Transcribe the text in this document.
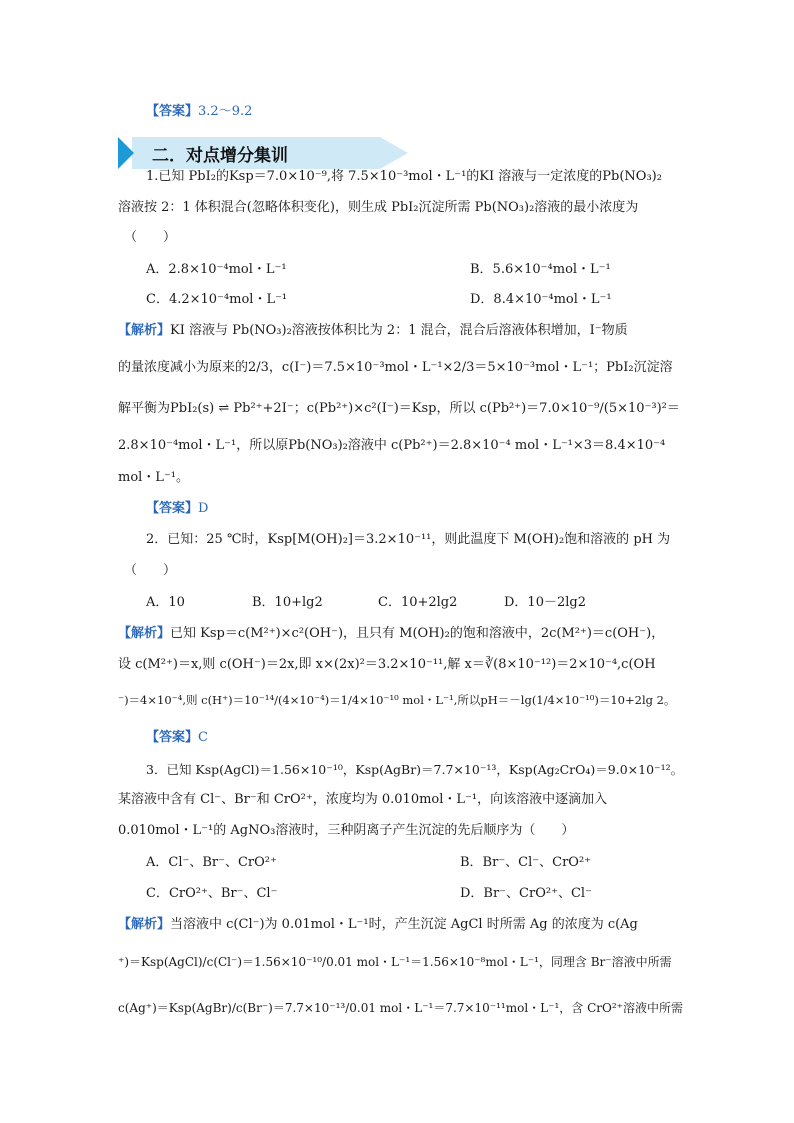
【答案】3.2～9.2
二．对点增分集训
1.已知 PbI₂的Ksp＝7.0×10⁻⁹,将 7.5×10⁻³mol・L⁻¹的KI 溶液与一定浓度的Pb(NO₃)₂
溶液按 2：1 体积混合(忽略体积变化)，则生成 PbI₂沉淀所需 Pb(NO₃)₂溶液的最小浓度为
（　　）
A．2.8×10⁻⁴mol・L⁻¹	B．5.6×10⁻⁴mol・L⁻¹
C．4.2×10⁻⁴mol・L⁻¹	D．8.4×10⁻⁴mol・L⁻¹
【解析】KI 溶液与 Pb(NO₃)₂溶液按体积比为 2：1 混合，混合后溶液体积增加，I⁻物质
的量浓度减小为原来的2/3，c(I⁻)＝7.5×10⁻³mol・L⁻¹×2/3＝5×10⁻³mol・L⁻¹；PbI₂沉淀溶
解平衡为PbI₂(s) ⇌ Pb²⁺+2I⁻；c(Pb²⁺)×c²(I⁻)＝Ksp，所以 c(Pb²⁺)＝7.0×10⁻⁹/(5×10⁻³)²＝
2.8×10⁻⁴mol・L⁻¹，所以原Pb(NO₃)₂溶液中 c(Pb²⁺)＝2.8×10⁻⁴ mol・L⁻¹×3＝8.4×10⁻⁴
mol・L⁻¹。
【答案】D
2．已知：25 ℃时，Ksp[M(OH)₂]＝3.2×10⁻¹¹，则此温度下 M(OH)₂饱和溶液的 pH 为
（　　）
A．10	B．10+lg2	C．10+2lg2	D．10－2lg2
【解析】已知 Ksp＝c(M²⁺)×c²(OH⁻)，且只有 M(OH)₂的饱和溶液中，2c(M²⁺)＝c(OH⁻)，
设 c(M²⁺)＝x,则 c(OH⁻)＝2x,即 x×(2x)²＝3.2×10⁻¹¹,解 x＝∛(8×10⁻¹²)＝2×10⁻⁴,c(OH
⁻)＝4×10⁻⁴,则 c(H⁺)＝10⁻¹⁴/(4×10⁻⁴)＝1/4×10⁻¹⁰ mol・L⁻¹,所以pH＝－lg(1/4×10⁻¹⁰)＝10+2lg 2。
【答案】C
3．已知 Ksp(AgCl)＝1.56×10⁻¹⁰，Ksp(AgBr)＝7.7×10⁻¹³，Ksp(Ag₂CrO₄)＝9.0×10⁻¹²。
某溶液中含有 Cl⁻、Br⁻和 CrO²⁺，浓度均为 0.010mol・L⁻¹，向该溶液中逐滴加入
0.010mol・L⁻¹的 AgNO₃溶液时，三种阴离子产生沉淀的先后顺序为（　　）
A．Cl⁻、Br⁻、CrO²⁺	B．Br⁻、Cl⁻、CrO²⁺
C．CrO²⁺、Br⁻、Cl⁻	D．Br⁻、CrO²⁺、Cl⁻
【解析】当溶液中 c(Cl⁻)为 0.01mol・L⁻¹时，产生沉淀 AgCl 时所需 Ag 的浓度为 c(Ag
⁺)＝Ksp(AgCl)/c(Cl⁻)＝1.56×10⁻¹⁰/0.01 mol・L⁻¹＝1.56×10⁻⁸mol・L⁻¹，同理含 Br⁻溶液中所需
c(Ag⁺)＝Ksp(AgBr)/c(Br⁻)＝7.7×10⁻¹³/0.01 mol・L⁻¹＝7.7×10⁻¹¹mol・L⁻¹，含 CrO²⁺溶液中所需
